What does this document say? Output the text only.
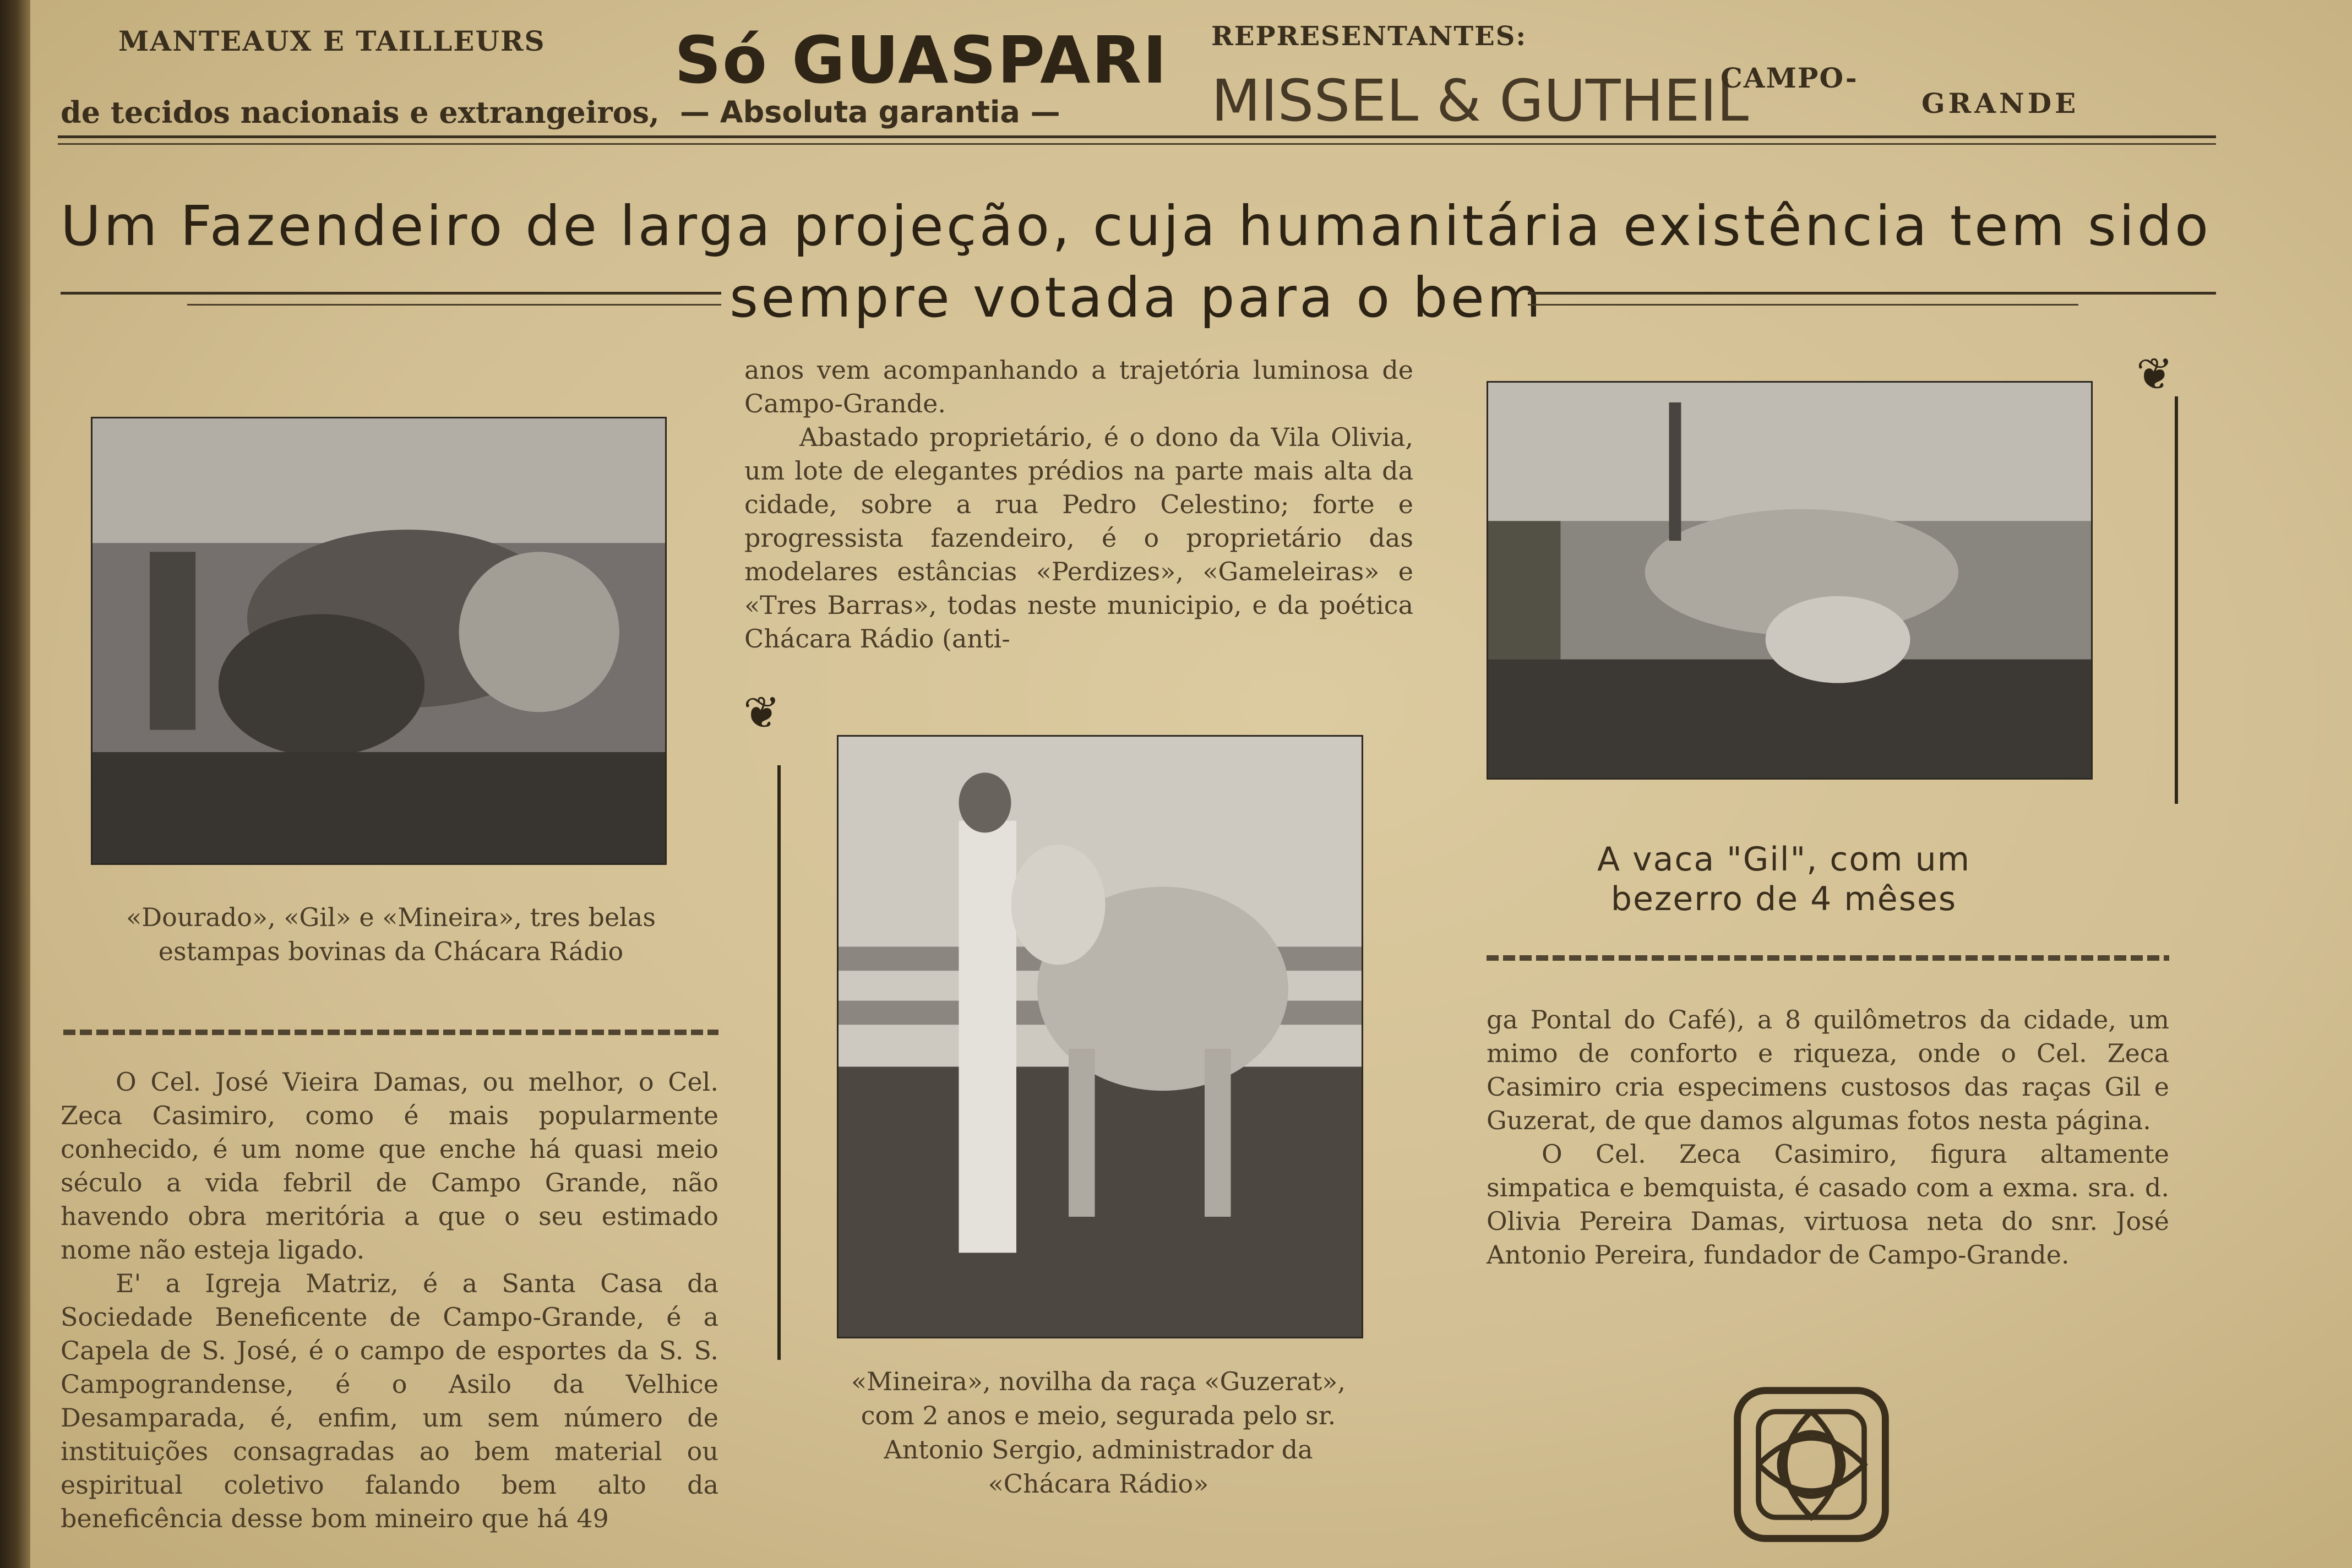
MANTEAUX E TAILLEURS
de tecidos nacionais e extrangeiros,
Só GUASPARI
— Absoluta garantia —
REPRESENTANTES:
MISSEL & GUTHEIL
CAMPO-
GRANDE
Um Fazendeiro de larga projeção, cuja humanitária existência tem sido
sempre votada para o bem
«Dourado», «Gil» e «Mineira», tres belas estampas bovinas da Chácara Rádio

O Cel. José Vieira Damas, ou melhor, o Cel. Zeca Casimiro, como é mais popularmente conhecido, é um nome que enche há quasi meio século a vida febril de Campo Grande, não havendo obra meritória a que o seu estimado nome não esteja ligado.

E' a Igreja Matriz, é a Santa Casa da Sociedade Beneficente de Campo-Grande, é a Capela de S. José, é o campo de esportes da S. S. Campograndense, é o Asilo da Velhice Desamparada, é, enfim, um sem número de instituições consagradas ao bem material ou espiritual coletivo falando bem alto da beneficência desse bom mineiro que há 49

anos vem acompanhando a trajetória luminosa de Campo-Grande.

Abastado proprietário, é o dono da Vila Olivia, um lote de elegantes prédios na parte mais alta da cidade, sobre a rua Pedro Celestino; forte e progressista fazendeiro, é o proprietário das modelares estâncias «Perdizes», «Gameleiras» e «Tres Barras», todas neste municipio, e da poética Chácara Rádio (anti-

❦
«Mineira», novilha da raça «Guzerat», com 2 anos e meio, segurada pelo sr. Antonio Sergio, administrador da «Chácara Rádio»
❦
A vaca "Gil", com um bezerro de 4 mêses

ga Pontal do Café), a 8 quilômetros da cidade, um mimo de conforto e riqueza, onde o Cel. Zeca Casimiro cria especimens custosos das raças Gil e Guzerat, de que damos algumas fotos nesta página.

O Cel. Zeca Casimiro, figura altamente simpatica e bemquista, é casado com a exma. sra. d. Olivia Pereira Damas, virtuosa neta do snr. José Antonio Pereira, fundador de Campo-Grande.
